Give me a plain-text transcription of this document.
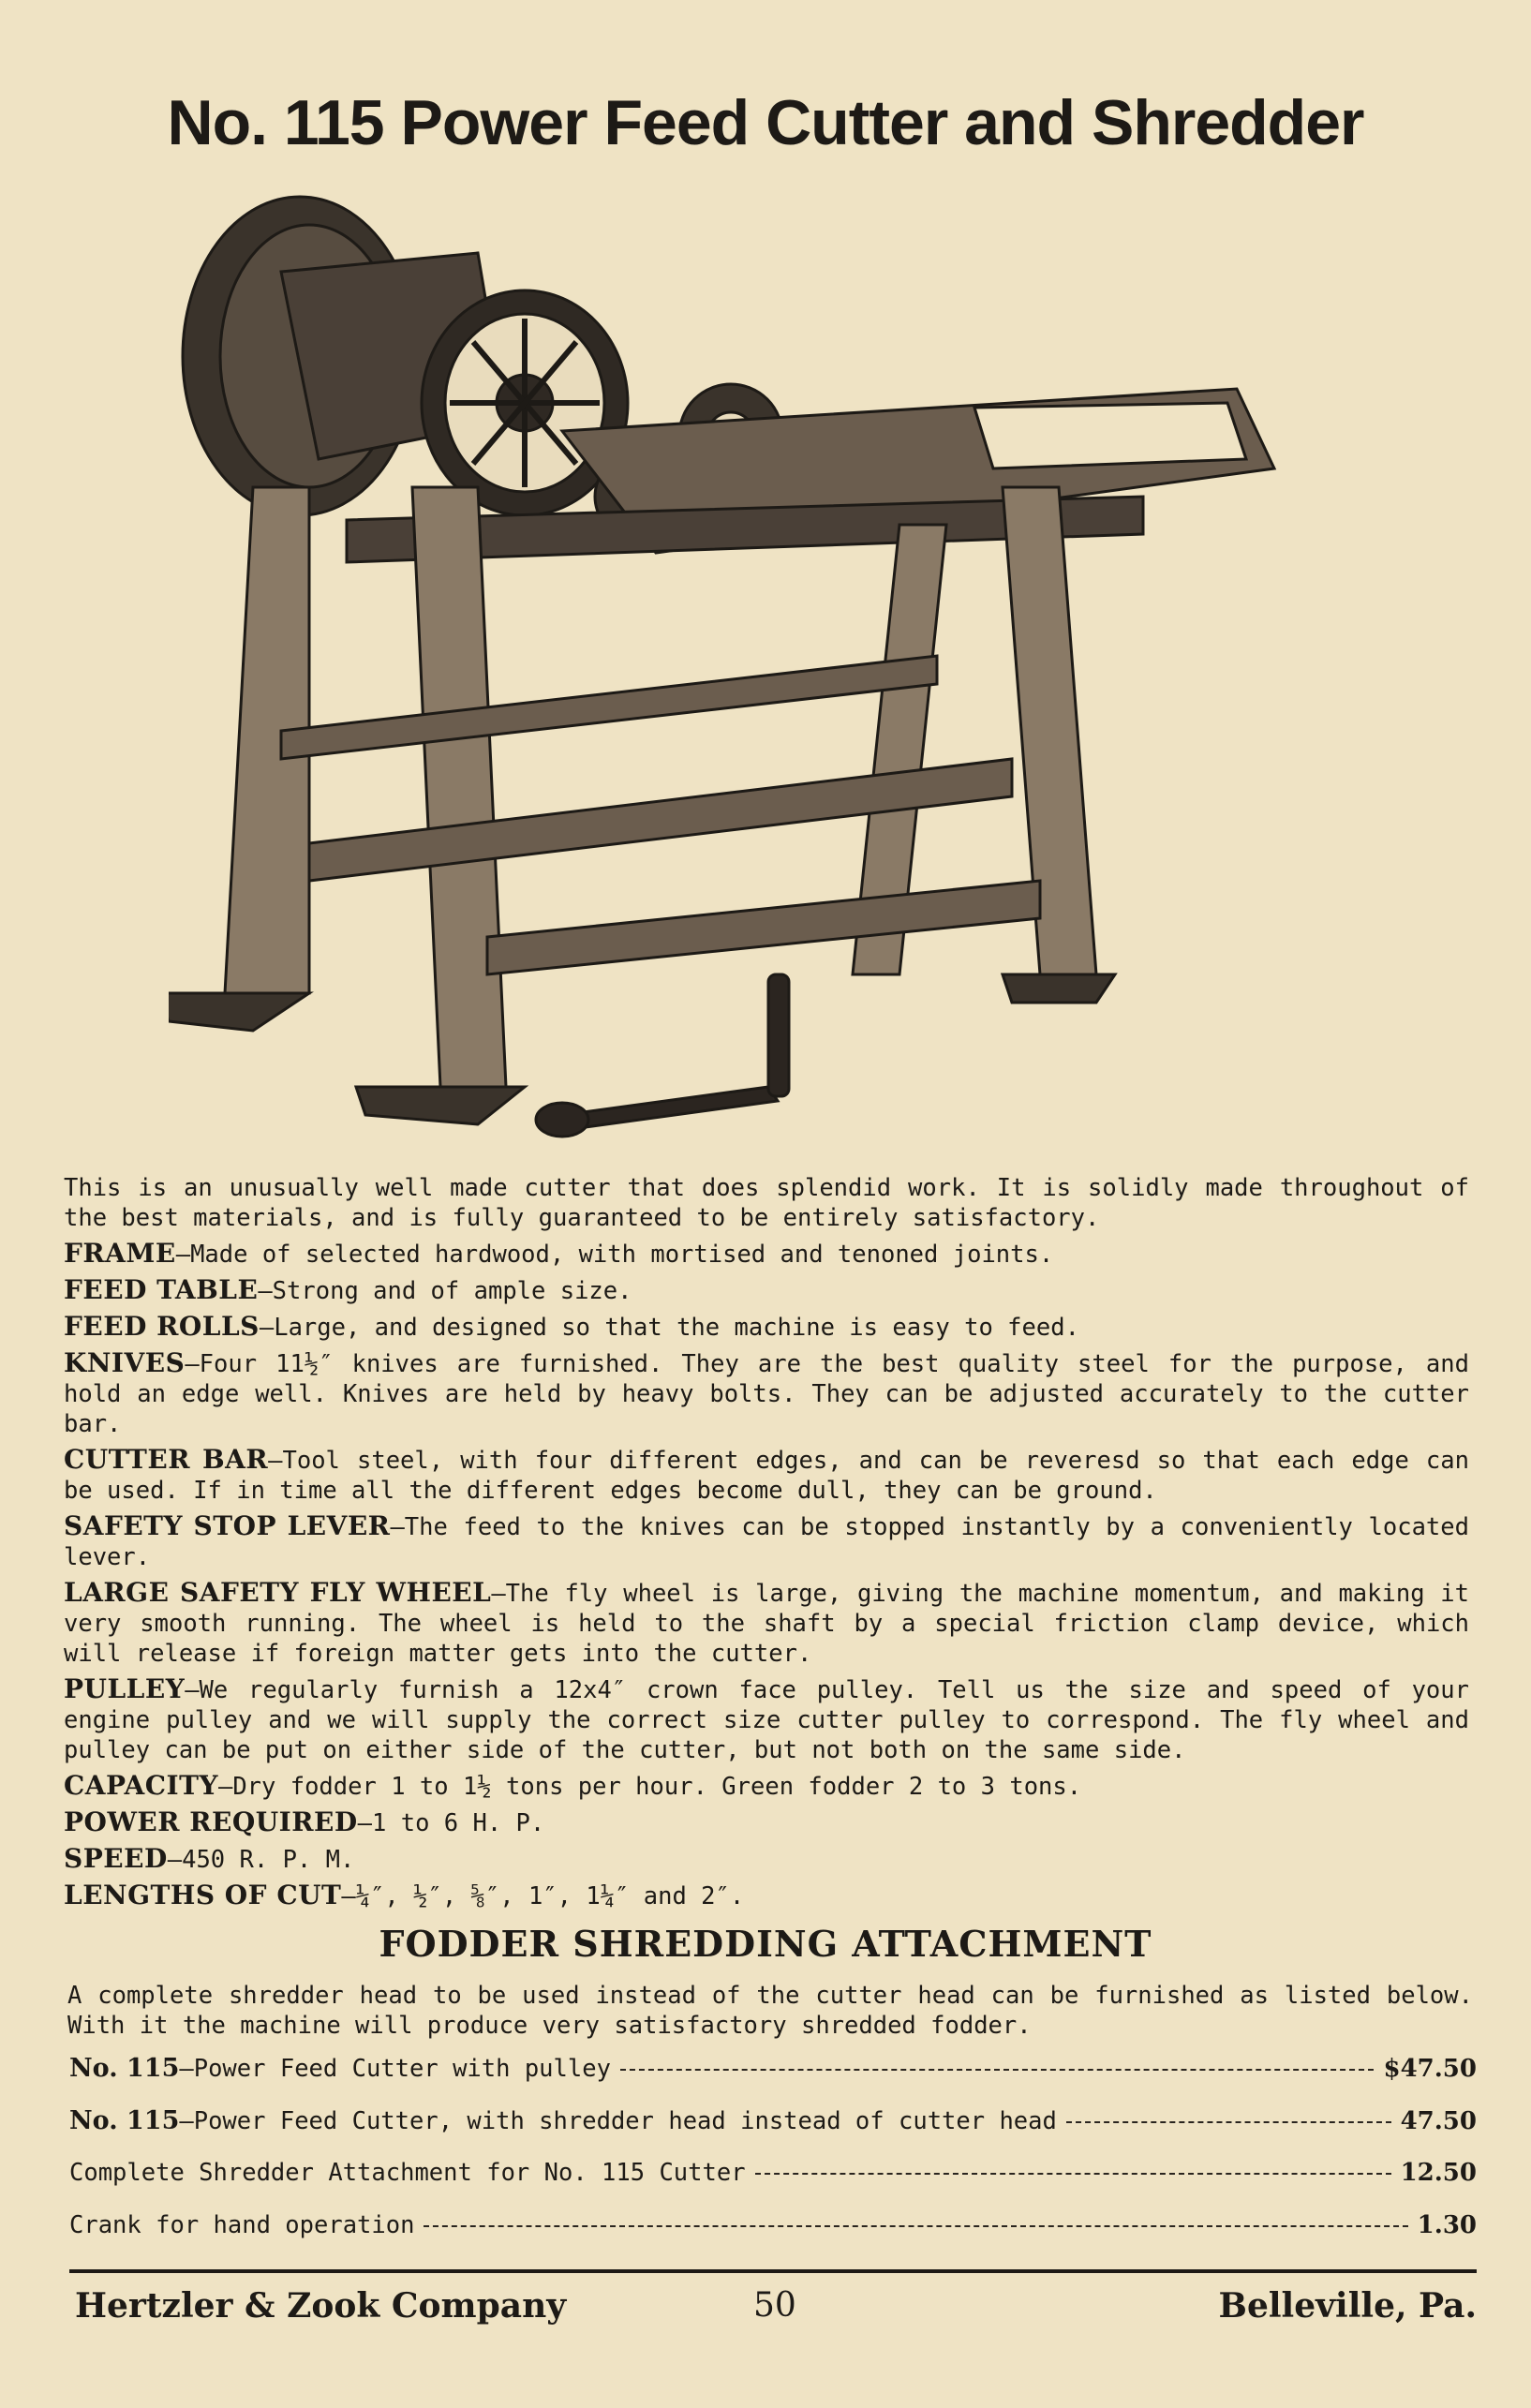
No. 115 Power Feed Cutter and Shredder

This is an unusually well made cutter that does splendid work. It is solidly made throughout of the best materials, and is fully guaranteed to be entirely satisfactory.

FRAME—Made of selected hardwood, with mortised and tenoned joints.

FEED TABLE—Strong and of ample size.

FEED ROLLS—Large, and designed so that the machine is easy to feed.

KNIVES—Four 11½″ knives are furnished. They are the best quality steel for the purpose, and hold an edge well. Knives are held by heavy bolts. They can be adjusted accurately to the cutter bar.

CUTTER BAR—Tool steel, with four different edges, and can be reveresd so that each edge can be used. If in time all the different edges become dull, they can be ground.

SAFETY STOP LEVER—The feed to the knives can be stopped instantly by a conveniently located lever.

LARGE SAFETY FLY WHEEL—The fly wheel is large, giving the machine momentum, and making it very smooth running. The wheel is held to the shaft by a special friction clamp device, which will release if foreign matter gets into the cutter.

PULLEY—We regularly furnish a 12x4″ crown face pulley. Tell us the size and speed of your engine pulley and we will supply the correct size cutter pulley to correspond. The fly wheel and pulley can be put on either side of the cutter, but not both on the same side.

CAPACITY—Dry fodder 1 to 1½ tons per hour. Green fodder 2 to 3 tons.

POWER REQUIRED—1 to 6 H. P.

SPEED—450 R. P. M.

LENGTHS OF CUT—¼″, ½″, ⅝″, 1″, 1¼″ and 2″.

FODDER SHREDDING ATTACHMENT
A complete shredder head to be used instead of the cutter head can be furnished as listed below. With it the machine will produce very satisfactory shredded fodder.
No. 115—Power Feed Cutter with pulley	$47.50
No. 115—Power Feed Cutter, with shredder head instead of cutter head	47.50
Complete Shredder Attachment for No. 115 Cutter	12.50
Crank for hand operation	1.30
Hertzler & Zook Company	50	Belleville, Pa.
